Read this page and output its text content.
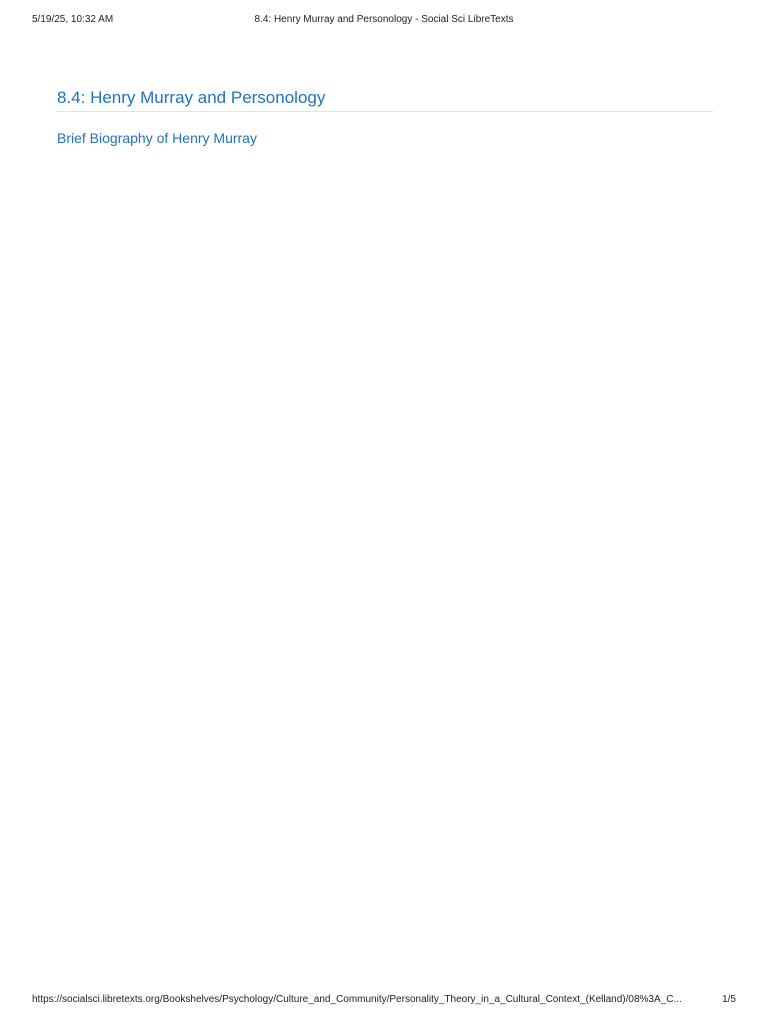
5/19/25, 10:32 AM	8.4: Henry Murray and Personology - Social Sci LibreTexts
8.4: Henry Murray and Personology

Brief Biography of Henry Murray
https://socialsci.libretexts.org/Bookshelves/Psychology/Culture_and_Community/Personality_Theory_in_a_Cultural_Context_(Kelland)/08%3A_C...	1/5
